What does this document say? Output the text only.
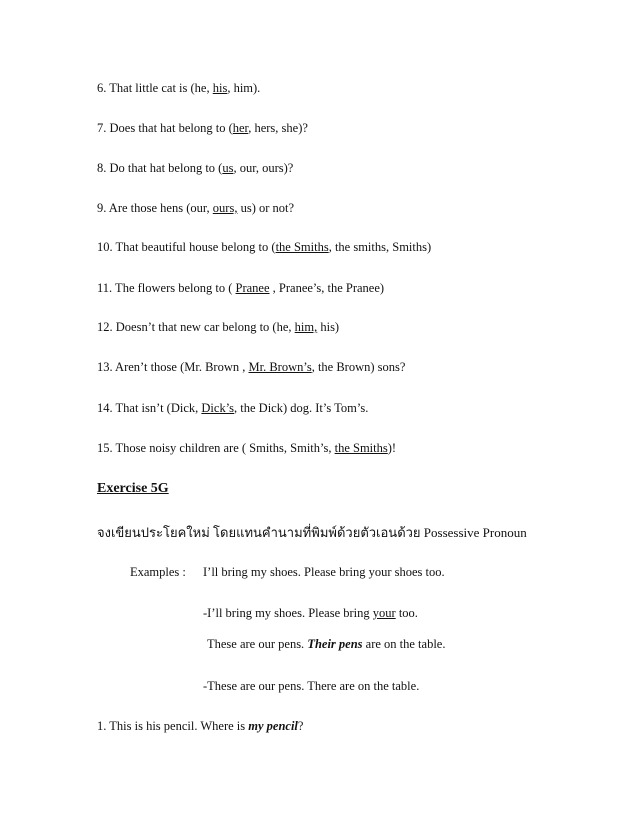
6. That little cat is (he, his, him).
7. Does that hat belong to (her, hers, she)?
8. Do that hat belong to (us, our, ours)?
9. Are those hens (our, ours, us) or not?
10. That beautiful house belong to (the Smiths, the smiths, Smiths)
11. The flowers belong to ( Pranee , Pranee’s, the Pranee)
12. Doesn’t that new car belong to (he, him, his)
13. Aren’t those (Mr. Brown , Mr. Brown’s, the Brown) sons?
14. That isn’t (Dick, Dick’s, the Dick) dog. It’s Tom’s.
15. Those noisy children are ( Smiths, Smith’s, the Smiths)!
Exercise 5G
จงเขียนประโยคใหม่ โดยแทนคำนามที่พิมพ์ด้วยตัวเอนด้วย Possessive Pronoun
Examples : I’ll bring my shoes. Please bring your shoes too.
-I’ll bring my shoes. Please bring your too.
These are our pens. Their pens are on the table.
-These are our pens. There are on the table.
1. This is his pencil. Where is my pencil?
